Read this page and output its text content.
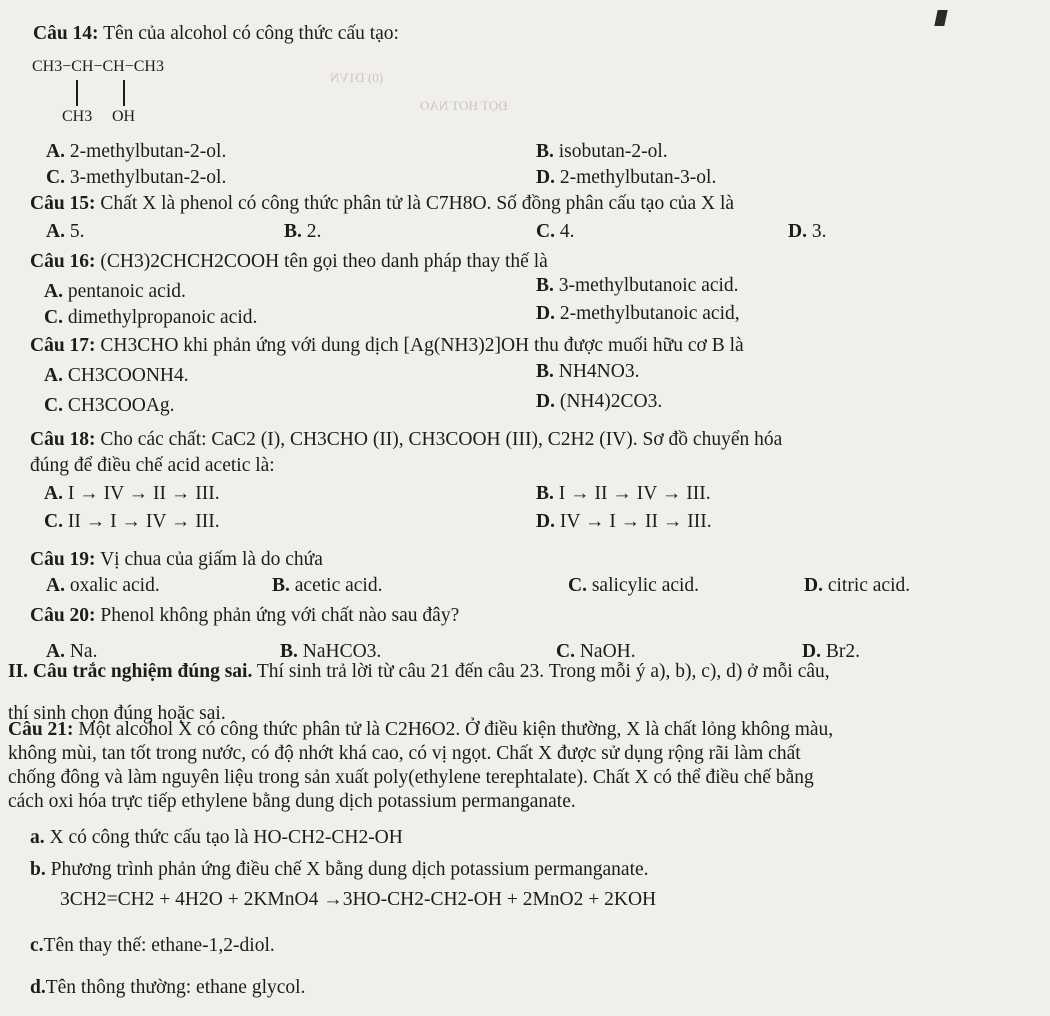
(0) D1VN
ĐỌT HOT NAO
Câu 14: Tên của alcohol có công thức cấu tạo:
CH3−CH−CH−CH3
CH3 OH
A. 2-methylbutan-2-ol.	B. isobutan-2-ol.
C. 3-methylbutan-2-ol.	D. 2-methylbutan-3-ol.
Câu 15: Chất X là phenol có công thức phân tử là C7H8O. Số đồng phân cấu tạo của X là
A. 5.	B. 2.	C. 4.	D. 3.
Câu 16: (CH3)2CHCH2COOH tên gọi theo danh pháp thay thế là
A. pentanoic acid.	B. 3-methylbutanoic acid.
C. dimethylpropanoic acid.	D. 2-methylbutanoic acid,
Câu 17: CH3CHO khi phản ứng với dung dịch [Ag(NH3)2]OH thu được muối hữu cơ B là
A. CH3COONH4.	B. NH4NO3.
C. CH3COOAg.	D. (NH4)2CO3.
Câu 18: Cho các chất: CaC2 (I), CH3CHO (II), CH3COOH (III), C2H2 (IV). Sơ đồ chuyển hóa
đúng để điều chế acid acetic là:
A. I → IV → II → III.	B. I → II → IV → III.
C. II → I → IV → III.	D. IV → I → II → III.
Câu 19: Vị chua của giấm là do chứa
A. oxalic acid.	B. acetic acid.	C. salicylic acid.	D. citric acid.
Câu 20: Phenol không phản ứng với chất nào sau đây?
A. Na.	B. NaHCO3.	C. NaOH.	D. Br2.
II. Câu trắc nghiệm đúng sai. Thí sinh trả lời từ câu 21 đến câu 23. Trong mỗi ý a), b), c), d) ở mỗi câu,
thí sinh chọn đúng hoặc sai.
Câu 21: Một alcohol X có công thức phân tử là C2H6O2. Ở điều kiện thường, X là chất lỏng không màu,
không mùi, tan tốt trong nước, có độ nhớt khá cao, có vị ngọt. Chất X được sử dụng rộng rãi làm chất
chống đông và làm nguyên liệu trong sản xuất poly(ethylene terephtalate). Chất X có thể điều chế bằng
cách oxi hóa trực tiếp ethylene bằng dung dịch potassium permanganate.
a. X có công thức cấu tạo là HO-CH2-CH2-OH
b. Phương trình phản ứng điều chế X bằng dung dịch potassium permanganate.
3CH2=CH2 + 4H2O + 2KMnO4 →3HO-CH2-CH2-OH + 2MnO2 + 2KOH
c.Tên thay thế: ethane-1,2-diol.
d.Tên thông thường: ethane glycol.
